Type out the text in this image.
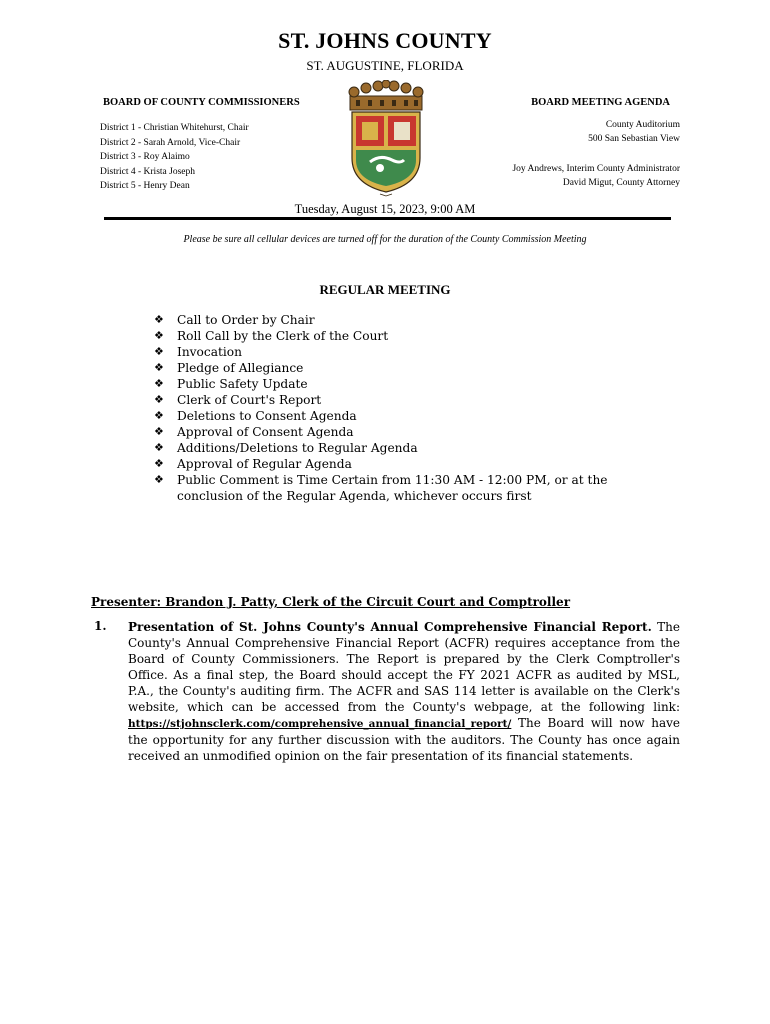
ST. JOHNS COUNTY
ST. AUGUSTINE, FLORIDA
BOARD OF COUNTY COMMISSIONERS
District 1 - Christian Whitehurst, Chair
District 2 - Sarah Arnold, Vice-Chair
District 3 - Roy Alaimo
District 4 - Krista Joseph
District 5 - Henry Dean
BOARD MEETING AGENDA
County Auditorium
500 San Sebastian View
Joy Andrews, Interim County Administrator
David Migut, County Attorney
Tuesday, August 15, 2023, 9:00 AM
Please be sure all cellular devices are turned off for the duration of the County Commission Meeting
REGULAR MEETING
❖ Call to Order by Chair
❖ Roll Call by the Clerk of the Court
❖ Invocation
❖ Pledge of Allegiance
❖ Public Safety Update
❖ Clerk of Court's Report
❖ Deletions to Consent Agenda
❖ Approval of Consent Agenda
❖ Additions/Deletions to Regular Agenda
❖ Approval of Regular Agenda
❖ Public Comment is Time Certain from 11:30 AM - 12:00 PM, or at the conclusion of the Regular Agenda, whichever occurs first
Presenter: Brandon J. Patty, Clerk of the Circuit Court and Comptroller
1. Presentation of St. Johns County's Annual Comprehensive Financial Report. The County's Annual Comprehensive Financial Report (ACFR) requires acceptance from the Board of County Commissioners. The Report is prepared by the Clerk Comptroller's Office. As a final step, the Board should accept the FY 2021 ACFR as audited by MSL, P.A., the County's auditing firm. The ACFR and SAS 114 letter is available on the Clerk's website, which can be accessed from the County's webpage, at the following link: https://stjohnsclerk.com/comprehensive_annual_financial_report/ The Board will now have the opportunity for any further discussion with the auditors. The County has once again received an unmodified opinion on the fair presentation of its financial statements.
